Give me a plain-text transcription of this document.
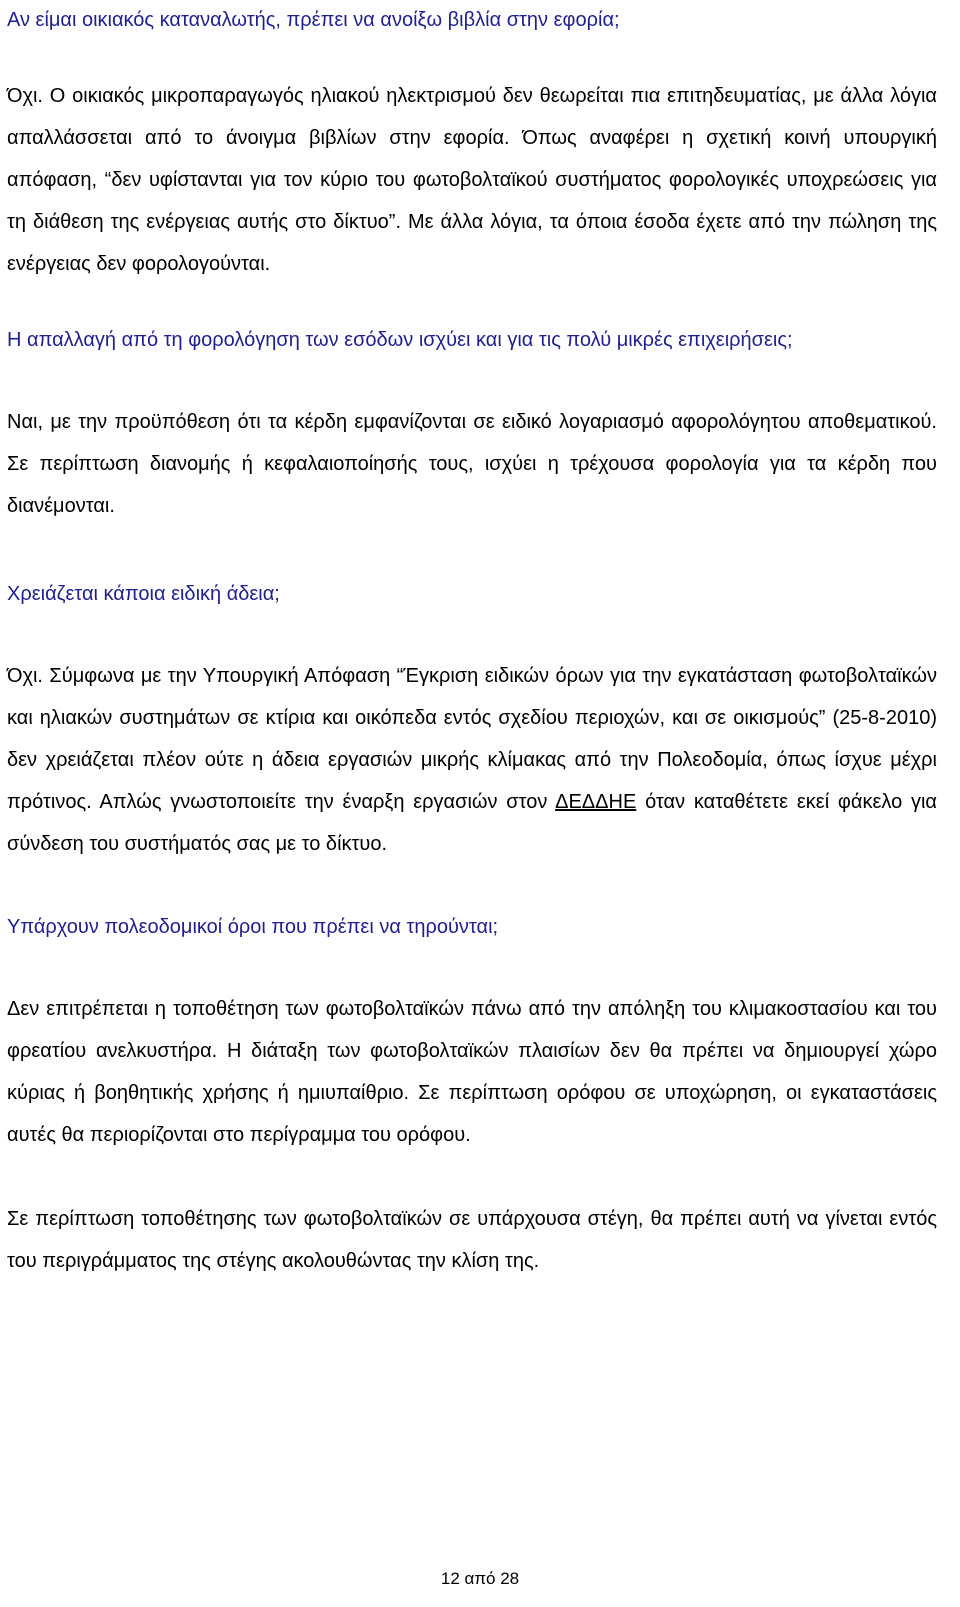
Αν είμαι οικιακός καταναλωτής, πρέπει να ανοίξω βιβλία στην εφορία;

Όχι. Ο οικιακός μικροπαραγωγός ηλιακού ηλεκτρισμού δεν θεωρείται πια επιτηδευματίας, με άλλα λόγια απαλλάσσεται από το άνοιγμα βιβλίων στην εφορία. Όπως αναφέρει η σχετική κοινή υπουργική απόφαση, “δεν υφίστανται για τον κύριο του φωτοβολταϊκού συστήματος φορολογικές υποχρεώσεις για τη διάθεση της ενέργειας αυτής στο δίκτυο”. Με άλλα λόγια, τα όποια έσοδα έχετε από την πώληση της ενέργειας δεν φορολογούνται.

Η απαλλαγή από τη φορολόγηση των εσόδων ισχύει και για τις πολύ μικρές επιχειρήσεις;

Ναι, με την προϋπόθεση ότι τα κέρδη εμφανίζονται σε ειδικό λογαριασμό αφορολόγητου αποθεματικού. Σε περίπτωση διανομής ή κεφαλαιοποίησής τους, ισχύει η τρέχουσα φορολογία για τα κέρδη που διανέμονται.

Χρειάζεται κάποια ειδική άδεια;

Όχι. Σύμφωνα με την Υπουργική Απόφαση “Έγκριση ειδικών όρων για την εγκατάσταση φωτοβολταϊκών και ηλιακών συστημάτων σε κτίρια και οικόπεδα εντός σχεδίου περιοχών, και σε οικισμούς” (25-8-2010) δεν χρειάζεται πλέον ούτε η άδεια εργασιών μικρής κλίμακας από την Πολεοδομία, όπως ίσχυε μέχρι πρότινος. Απλώς γνωστοποιείτε την έναρξη εργασιών στον ΔΕΔΔΗΕ όταν καταθέτετε εκεί φάκελο για σύνδεση του συστήματός σας με το δίκτυο.

Υπάρχουν πολεοδομικοί όροι που πρέπει να τηρούνται;

Δεν επιτρέπεται η τοποθέτηση των φωτοβολταϊκών πάνω από την απόληξη του κλιμακοστασίου και του φρεατίου ανελκυστήρα. Η διάταξη των φωτοβολταϊκών πλαισίων δεν θα πρέπει να δημιουργεί χώρο κύριας ή βοηθητικής χρήσης ή ημιυπαίθριο. Σε περίπτωση ορόφου σε υποχώρηση, οι εγκαταστάσεις αυτές θα περιορίζονται στο περίγραμμα του ορόφου.

Σε περίπτωση τοποθέτησης των φωτοβολταϊκών σε υπάρχουσα στέγη, θα πρέπει αυτή να γίνεται εντός του περιγράμματος της στέγης ακολουθώντας την κλίση της.

12 από 28
